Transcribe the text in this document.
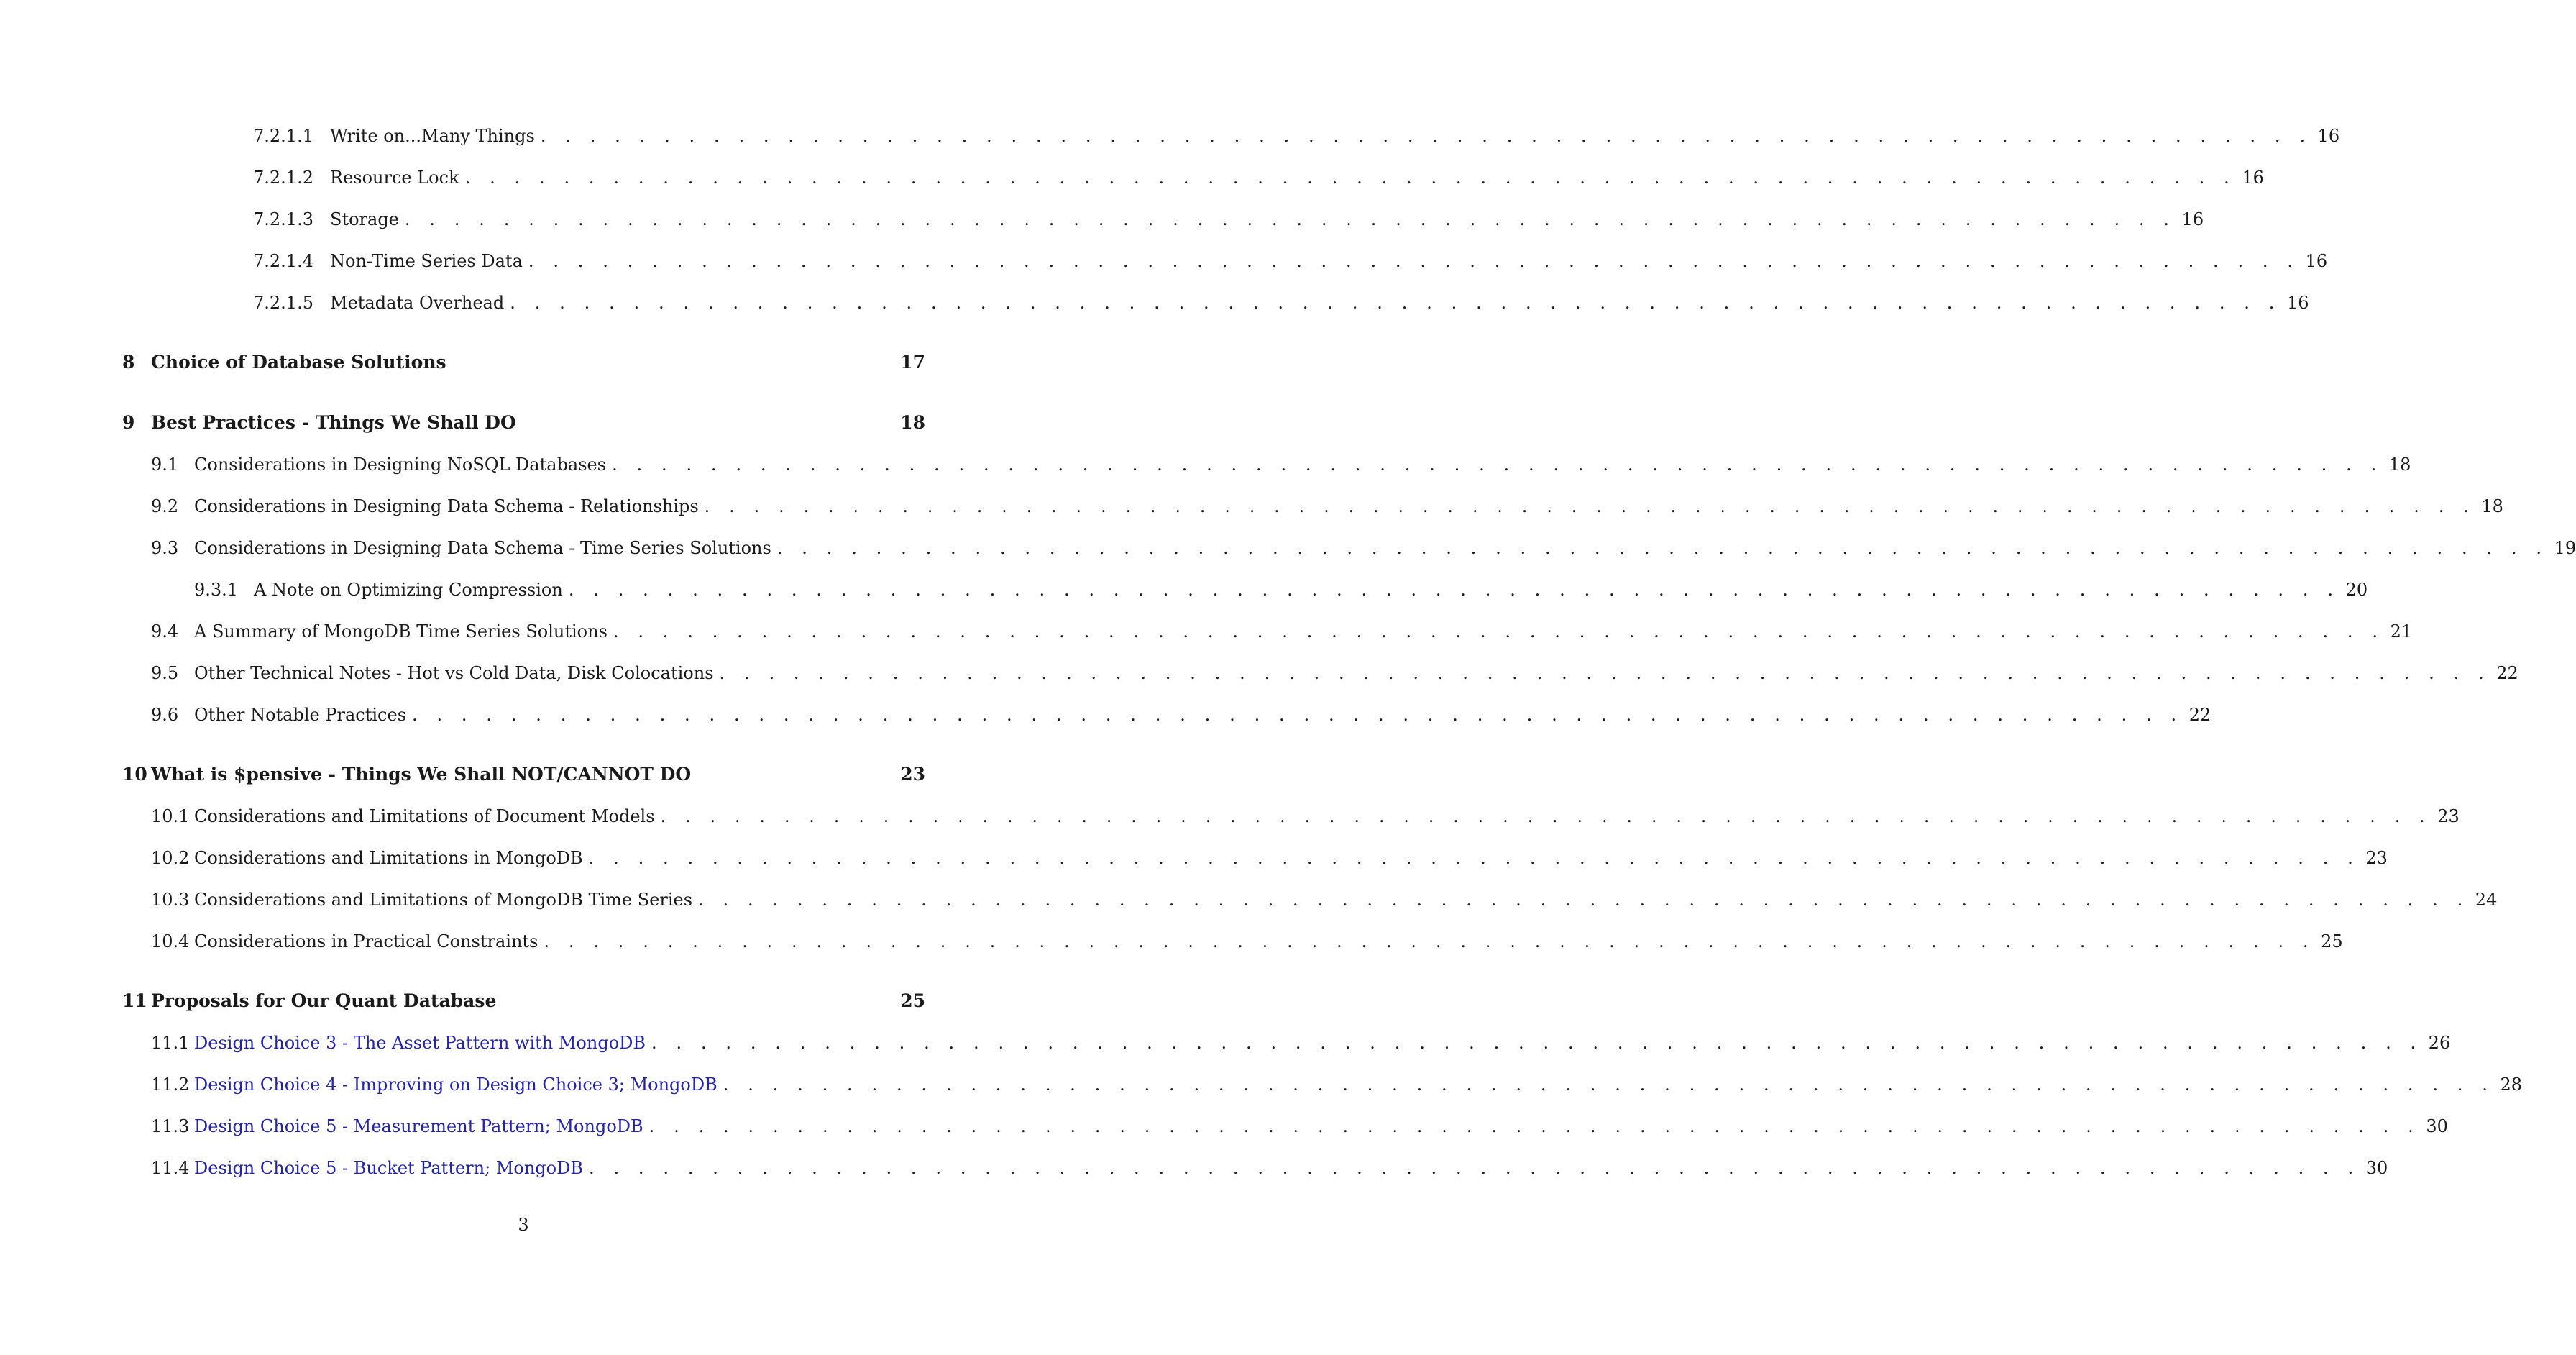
7.2.1.1 Write on...Many Things . . . . . . . . . . . . . . . . . . . . . . . . . . . . . . . . . . . . . . . . . . . . . . . . . . . . . . . . . . . . . . . . . . . . . . . . 16
7.2.1.2 Resource Lock . . . . . . . . . . . . . . . . . . . . . . . . . . . . . . . . . . . . . . . . . . . . . . . . . . . . . . . . . . . . . . . . . . . . . . . . 16
7.2.1.3 Storage . . . . . . . . . . . . . . . . . . . . . . . . . . . . . . . . . . . . . . . . . . . . . . . . . . . . . . . . . . . . . . . . . . . . . . . . 16
7.2.1.4 Non-Time Series Data . . . . . . . . . . . . . . . . . . . . . . . . . . . . . . . . . . . . . . . . . . . . . . . . . . . . . . . . . . . . . . . . . . . . . . . . 16
7.2.1.5 Metadata Overhead . . . . . . . . . . . . . . . . . . . . . . . . . . . . . . . . . . . . . . . . . . . . . . . . . . . . . . . . . . . . . . . . . . . . . . . . 16
8 Choice of Database Solutions	17
9 Best Practices - Things We Shall DO	18
9.1 Considerations in Designing NoSQL Databases . . . . . . . . . . . . . . . . . . . . . . . . . . . . . . . . . . . . . . . . . . . . . . . . . . . . . . . . . . . . . . . . . . . . . . . . 18
9.2 Considerations in Designing Data Schema - Relationships . . . . . . . . . . . . . . . . . . . . . . . . . . . . . . . . . . . . . . . . . . . . . . . . . . . . . . . . . . . . . . . . . . . . . . . . 18
9.3 Considerations in Designing Data Schema - Time Series Solutions . . . . . . . . . . . . . . . . . . . . . . . . . . . . . . . . . . . . . . . . . . . . . . . . . . . . . . . . . . . . . . . . . . . . . . . . 19
9.3.1 A Note on Optimizing Compression . . . . . . . . . . . . . . . . . . . . . . . . . . . . . . . . . . . . . . . . . . . . . . . . . . . . . . . . . . . . . . . . . . . . . . . . 20
9.4 A Summary of MongoDB Time Series Solutions . . . . . . . . . . . . . . . . . . . . . . . . . . . . . . . . . . . . . . . . . . . . . . . . . . . . . . . . . . . . . . . . . . . . . . . . 21
9.5 Other Technical Notes - Hot vs Cold Data, Disk Colocations . . . . . . . . . . . . . . . . . . . . . . . . . . . . . . . . . . . . . . . . . . . . . . . . . . . . . . . . . . . . . . . . . . . . . . . . 22
9.6 Other Notable Practices . . . . . . . . . . . . . . . . . . . . . . . . . . . . . . . . . . . . . . . . . . . . . . . . . . . . . . . . . . . . . . . . . . . . . . . . 22
10 What is $pensive - Things We Shall NOT/CANNOT DO	23
10.1 Considerations and Limitations of Document Models . . . . . . . . . . . . . . . . . . . . . . . . . . . . . . . . . . . . . . . . . . . . . . . . . . . . . . . . . . . . . . . . . . . . . . . . 23
10.2 Considerations and Limitations in MongoDB . . . . . . . . . . . . . . . . . . . . . . . . . . . . . . . . . . . . . . . . . . . . . . . . . . . . . . . . . . . . . . . . . . . . . . . . 23
10.3 Considerations and Limitations of MongoDB Time Series . . . . . . . . . . . . . . . . . . . . . . . . . . . . . . . . . . . . . . . . . . . . . . . . . . . . . . . . . . . . . . . . . . . . . . . . 24
10.4 Considerations in Practical Constraints . . . . . . . . . . . . . . . . . . . . . . . . . . . . . . . . . . . . . . . . . . . . . . . . . . . . . . . . . . . . . . . . . . . . . . . . 25
11 Proposals for Our Quant Database	25
11.1 Design Choice 3 - The Asset Pattern with MongoDB . . . . . . . . . . . . . . . . . . . . . . . . . . . . . . . . . . . . . . . . . . . . . . . . . . . . . . . . . . . . . . . . . . . . . . . . 26
11.2 Design Choice 4 - Improving on Design Choice 3; MongoDB . . . . . . . . . . . . . . . . . . . . . . . . . . . . . . . . . . . . . . . . . . . . . . . . . . . . . . . . . . . . . . . . . . . . . . . . 28
11.3 Design Choice 5 - Measurement Pattern; MongoDB . . . . . . . . . . . . . . . . . . . . . . . . . . . . . . . . . . . . . . . . . . . . . . . . . . . . . . . . . . . . . . . . . . . . . . . . 30
11.4 Design Choice 5 - Bucket Pattern; MongoDB . . . . . . . . . . . . . . . . . . . . . . . . . . . . . . . . . . . . . . . . . . . . . . . . . . . . . . . . . . . . . . . . . . . . . . . . 30
3
